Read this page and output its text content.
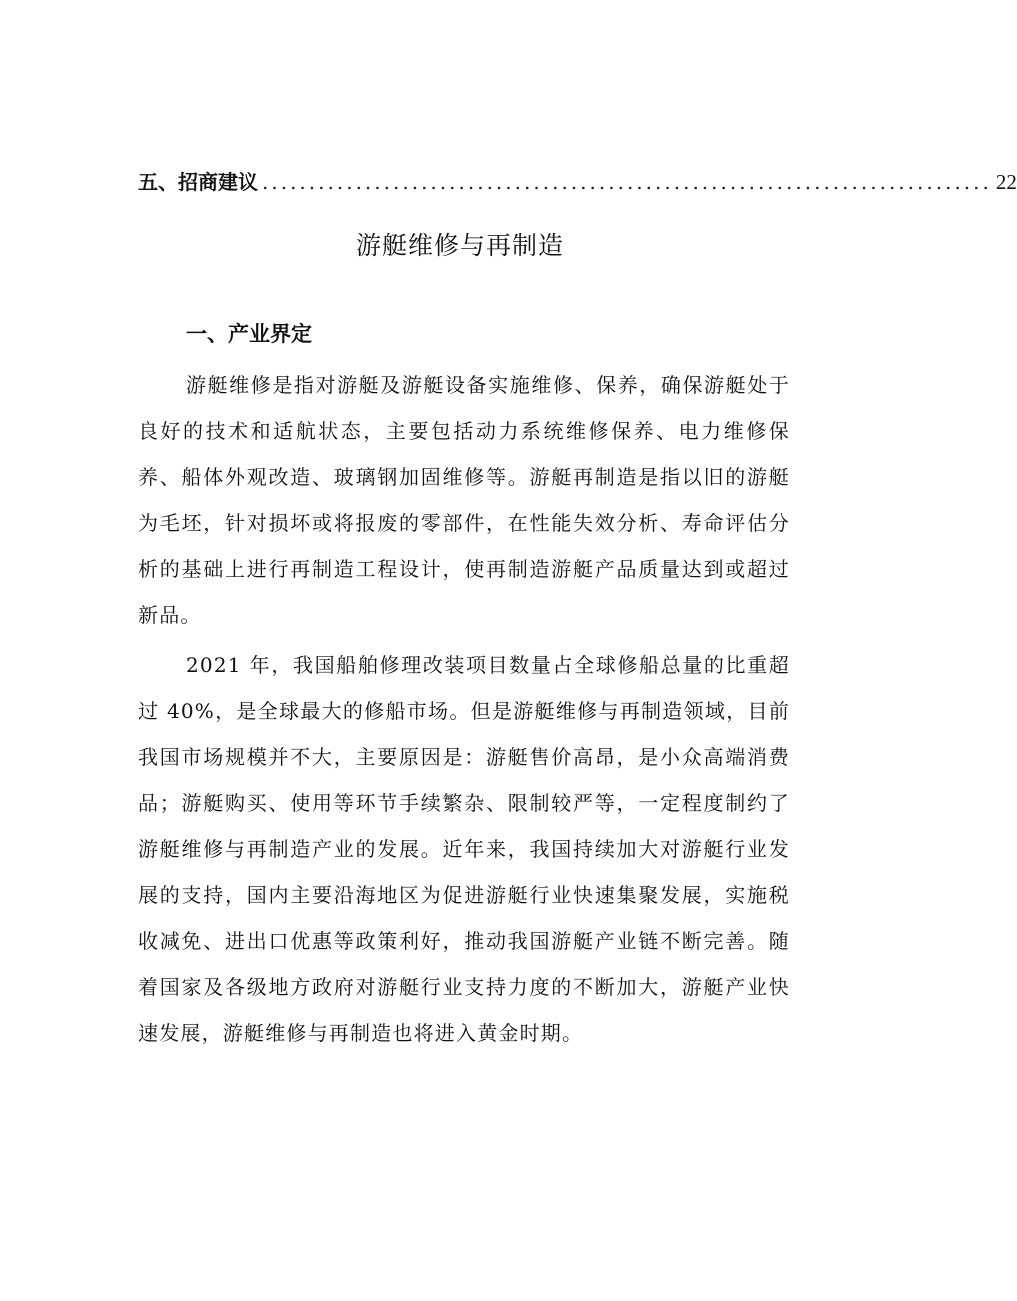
五、招商建议 .............................................................................. 22
游艇维修与再制造
一、产业界定

游艇维修是指对游艇及游艇设备实施维修、保养，确保游艇处于良好的技术和适航状态，主要包括动力系统维修保养、电力维修保养、船体外观改造、玻璃钢加固维修等。游艇再制造是指以旧的游艇为毛坯，针对损坏或将报废的零部件，在性能失效分析、寿命评估分析的基础上进行再制造工程设计，使再制造游艇产品质量达到或超过新品。

2021 年，我国船舶修理改装项目数量占全球修船总量的比重超过 40%，是全球最大的修船市场。但是游艇维修与再制造领域，目前我国市场规模并不大，主要原因是：游艇售价高昂，是小众高端消费品；游艇购买、使用等环节手续繁杂、限制较严等，一定程度制约了游艇维修与再制造产业的发展。近年来，我国持续加大对游艇行业发展的支持，国内主要沿海地区为促进游艇行业快速集聚发展，实施税收减免、进出口优惠等政策利好，推动我国游艇产业链不断完善。随着国家及各级地方政府对游艇行业支持力度的不断加大，游艇产业快速发展，游艇维修与再制造也将进入黄金时期。
